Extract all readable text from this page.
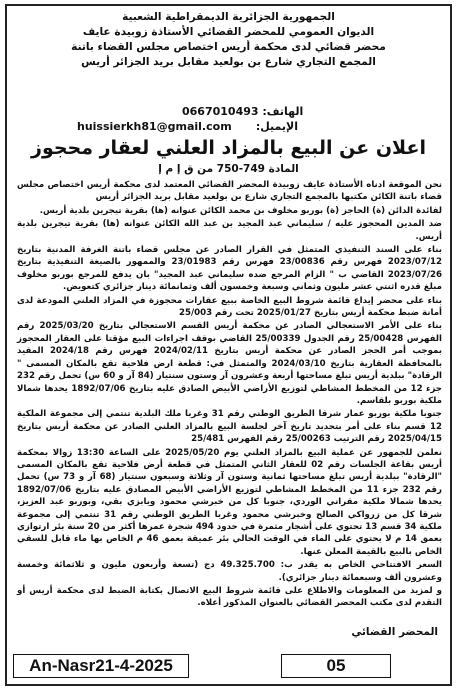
الجمهورية الجزائرية الديمقراطية الشعبية
الديوان العمومي للمحضر القضائي الأستاذة زوبيدة عايف
محضر قضائي لدى محكمة أريس اختصاص مجلس القضاء باتنة
المجمع التجاري شارع بن بولعيد مقابل بريد الجزائر أريس
الهاتف: 0667010493
الإيميل:
huissierkh81@gmail.com
اعلان عن البيع بالمزاد العلني لعقار محجوز
المادة 749-750 من ق إ م إ

نحن الموقعة ادناه الأستاذة عايف زوبيدة المحضر القضائي المعتمد لدى محكمة أريس اختصاص مجلس قضاء باتنة الكائن مكتبها بالمجمع التجاري شارع بن بولعيد مقابل بريد الجزائر أريس

لفائدة الدائن (ة) الحاجز (ة) بوربو مخلوف بن محمد الكائن عنوانه (ها) بقرية تيجرين بلدية أريس.

ضد المدين المحجوز عليه / سليماني عبد المجيد بن عبد الله الكائن عنوانه (ها) بقرية تيجرين بلدية أريس.

بناء على السند التنفيذي المتمثل في القرار الصادر عن مجلس قضاء باتنة الغرفة المدنية بتاريخ 2023/07/12 فهرس رقم 23/00836 فهرس رقم 23/01983 والممهور بالصيغة التنفيذية بتاريخ 2023/07/26 القاضي ب " الزام المرجع ضده سليماني عبد المجيد" بان يدفع للمرجع بوربو مخلوف مبلغ قدره اثنتي عشر مليون وثماني وسبعة وخمسون ألف وثمانمائة دينار جزائري كتعويض.

بناء على محضر إيداع قائمة شروط البيع الخاصة ببيع عقارات محجوزة في المزاد العلني المودعة لدى أمانة ضبط محكمة أريس بتاريخ 2025/01/27 تحت رقم 25/003

بناء على الأمر الاستعجالي الصادر عن محكمة أريس القسم الاستعجالي بتاريخ 2025/03/20 رقم الفهرس 25/00428 رقم الجدول 25/00339 القاضي بوقف اجراءات البيع مؤقتا على العقار المحجوز بموجب أمر الحجز الصادر عن محكمة أريس بتاريخ 2024/02/11 فهرس رقم 2024/18 المقيد بالمحافظة العقارية بتاريخ 2024/03/10 والمتمثل في: قطعة ارض فلاحية تقع بالمكان المسمى " الرقادة" ببلدية أريس تبلغ مساحتها أربعة وعشرون آر وستون سنتيار (84 آر و 60 س) تحمل رقم 232 جزء 12 من المخطط المشاطي لتوزيع الأراضي الأبيض الصادق عليه بتاريخ 1892/07/06 يحدها شمالا ملكية بوربو بلقاسم.

جنوبا ملكية بوربو عمار شرقا الطريق الوطني رقم 31 وغربا ملك البلدية تنتمي إلى مجموعة الملكية 12 قسم بناء على أمر بتحديد تاريخ آخر لجلسة البيع بالمزاد العلني الصادر عن محكمة أريس بتاريخ 2025/04/15 رقم الترتيب 25/00263 رقم الفهرس 25/481

نعلمن للجمهور عن عملية البيع بالمزاد العلني يوم 2025/05/20 على الساعة 13:30 زوالا بمحكمة أريس بقاعة الجلسات رقم 02 للعقار الثاني المتمثل في قطعة أرض فلاحية تقع بالمكان المسمى "الرقادة" ببلدية أريس تبلغ مساحتها ثمانية وستون آر وثلاثة وسبعون سنتيار (68 آر و 73 س) تحمل رقم 232 جزء 11 من المخطط المشاطي لتوزيع الأراضي الأبيض المصادق عليه بتاريخ 1892/07/06 يحدها شمالا ملكية مقراني الوردي، جنوبا كل من خبرشي محمود ويابزي بقي، وبوربو عبد العزيز، شرقا كل من زرواكي الصالح وخبرشي محمود وغربا الطريق الوطني رقم 31 تنتمي إلى مجموعة ملكية 34 قسم 13 تحتوي على أشجار مثمرة في حدود 494 شجرة عمرها أكثر من 20 سنة بئر ارتوازي بعمق 14 م لا يحتوي على الماء في الوقت الحالي بئر عميقة بعمق 46 م الخاص بها ماء قابل للسقي الخاص بالبيع بالقيمة المعلن عنها.

السعر الافتتاحي الخاص به يقدر ب: 49.325.700 دج (تسعة وأربعون مليون و ثلاثمائة وخمسة وعشرون ألف وسبعمائة دينار جزائري).

و لمزيد من المعلومات والاطلاع على قائمة شروط البيع الاتصال بكتابة الضبط لدى محكمة أريس أو التقدم لدى مكتب المحضر القضائي بالعنوان المذكور أعلاه.

المحضر القضائي
An-Nasr21-4-2025	05
